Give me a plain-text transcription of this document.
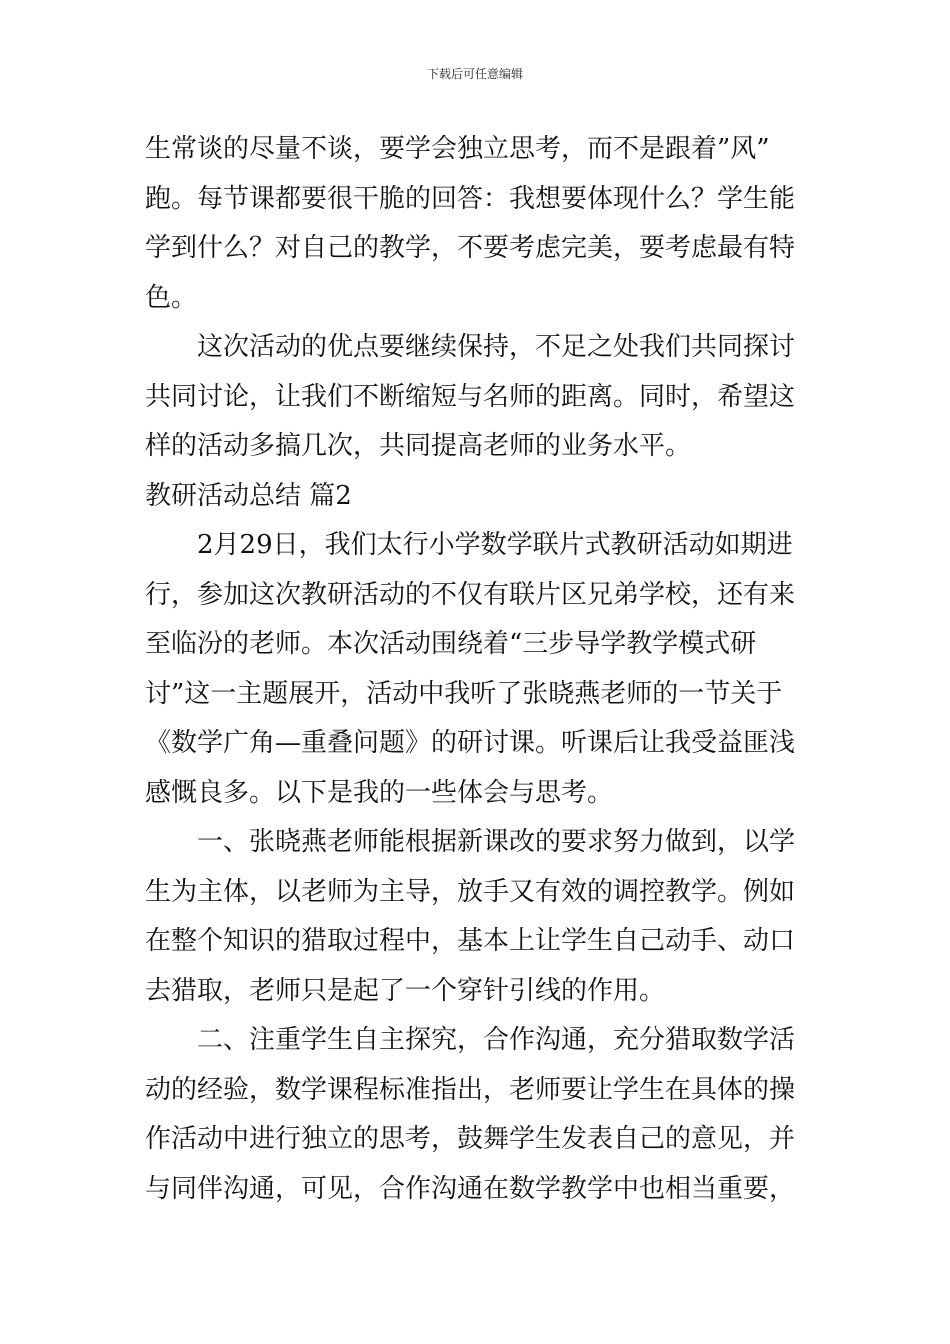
下载后可任意编辑

生常谈的尽量不谈，要学会独立思考，而不是跟着”风”
跑。每节课都要很干脆的回答：我想要体现什么？学生能
学到什么？对自己的教学，不要考虑完美，要考虑最有特
色。

这次活动的优点要继续保持，不足之处我们共同探讨
共同讨论，让我们不断缩短与名师的距离。同时，希望这
样的活动多搞几次，共同提高老师的业务水平。

教研活动总结 篇2

2月29日，我们太行小学数学联片式教研活动如期进
行，参加这次教研活动的不仅有联片区兄弟学校，还有来
至临汾的老师。本次活动围绕着“三步导学教学模式研
讨”这一主题展开，活动中我听了张晓燕老师的一节关于
《数学广角—重叠问题》的研讨课。听课后让我受益匪浅
感慨良多。以下是我的一些体会与思考。

一、张晓燕老师能根据新课改的要求努力做到，以学
生为主体，以老师为主导，放手又有效的调控教学。例如
在整个知识的猎取过程中，基本上让学生自己动手、动口
去猎取，老师只是起了一个穿针引线的作用。

二、注重学生自主探究，合作沟通，充分猎取数学活
动的经验，数学课程标准指出，老师要让学生在具体的操
作活动中进行独立的思考，鼓舞学生发表自己的意见，并
与同伴沟通，可见，合作沟通在数学教学中也相当重要，
